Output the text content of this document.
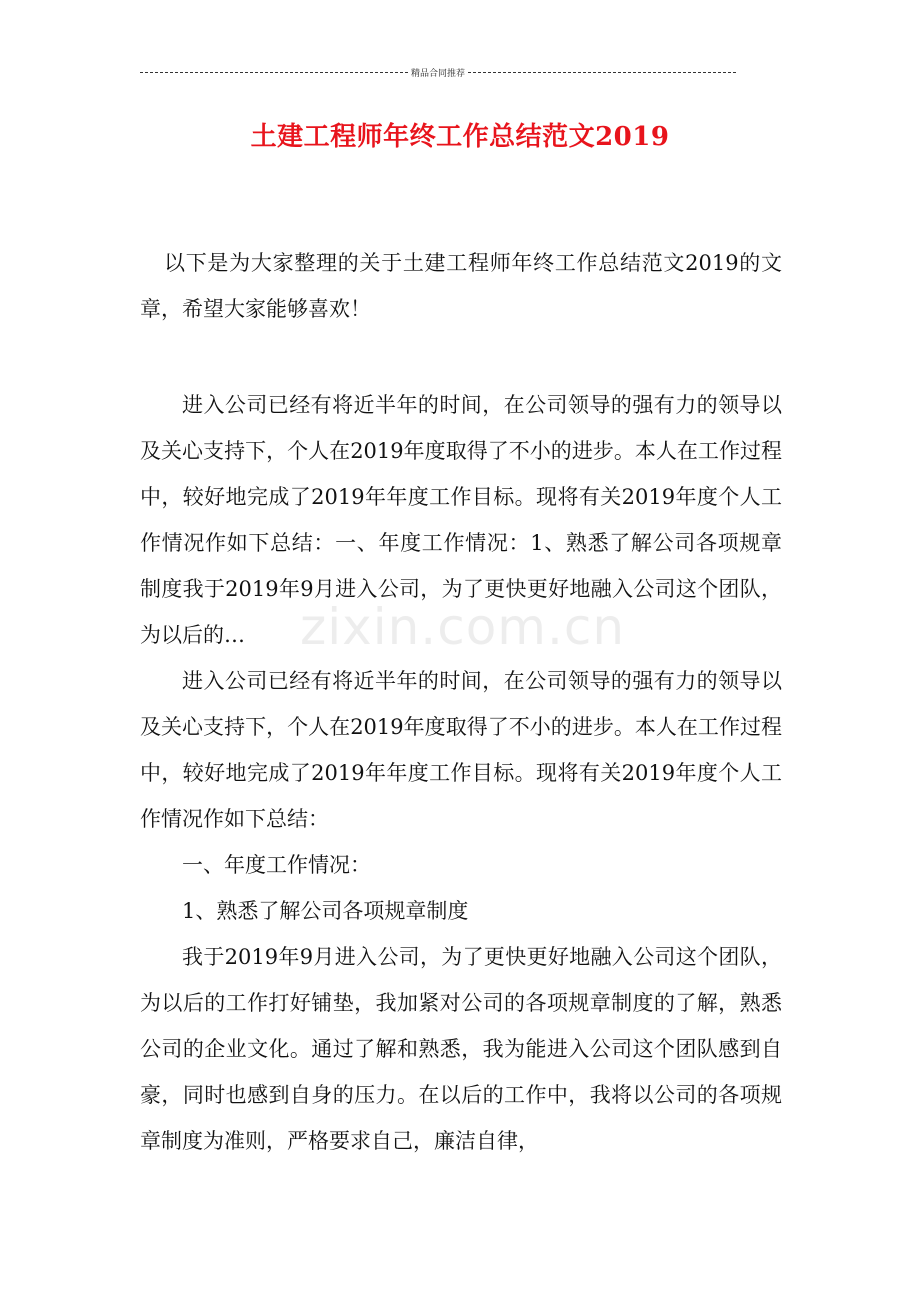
精品合同推荐
土建工程师年终工作总结范文2019
zixin.com.cn

以下是为大家整理的关于土建工程师年终工作总结范文2019的文章，希望大家能够喜欢！

进入公司已经有将近半年的时间，在公司领导的强有力的领导以及关心支持下，个人在2019年度取得了不小的进步。本人在工作过程中，较好地完成了2019年年度工作目标。现将有关2019年度个人工作情况作如下总结：一、年度工作情况：1、熟悉了解公司各项规章制度我于2019年9月进入公司，为了更快更好地融入公司这个团队，为以后的…

进入公司已经有将近半年的时间，在公司领导的强有力的领导以及关心支持下，个人在2019年度取得了不小的进步。本人在工作过程中，较好地完成了2019年年度工作目标。现将有关2019年度个人工作情况作如下总结：

一、年度工作情况：

1、熟悉了解公司各项规章制度

我于2019年9月进入公司，为了更快更好地融入公司这个团队，为以后的工作打好铺垫，我加紧对公司的各项规章制度的了解，熟悉公司的企业文化。通过了解和熟悉，我为能进入公司这个团队感到自豪，同时也感到自身的压力。在以后的工作中，我将以公司的各项规章制度为准则，严格要求自己，廉洁自律，
